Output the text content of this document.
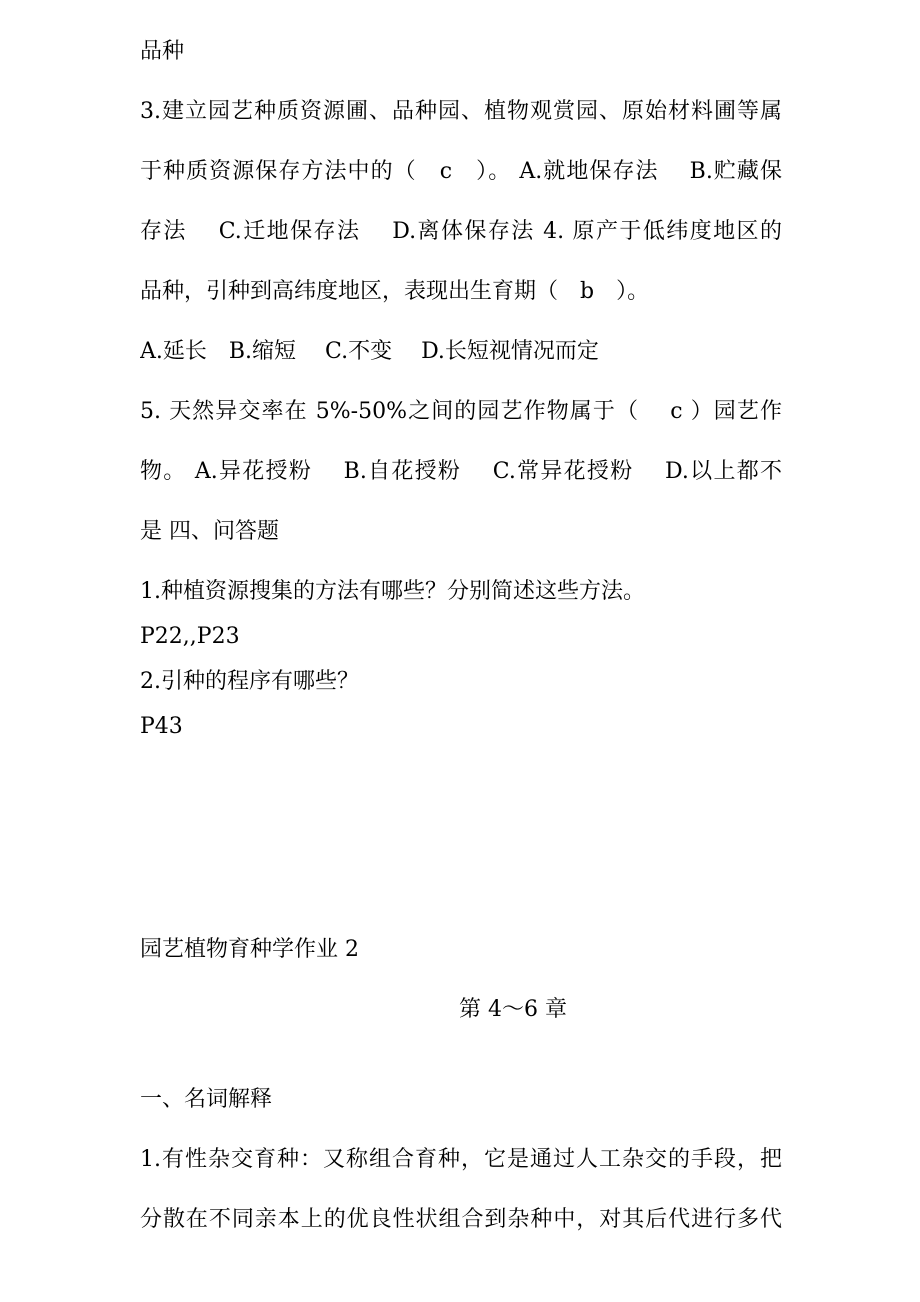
品种
3.建立园艺种质资源圃、品种园、植物观赏园、原始材料圃等属
于种质资源保存方法中的（　c　）。 A.就地保存法　 B.贮藏保
存法　 C.迁地保存法　 D.离体保存法 4. 原产于低纬度地区的
品种，引种到高纬度地区，表现出生育期（　b　）。
A.延长　B.缩短　 C.不变　 D.长短视情况而定
5. 天然异交率在 5%-50%之间的园艺作物属于（　 c ）园艺作
物。 A.异花授粉　 B.自花授粉　 C.常异花授粉　 D.以上都不
是 四、问答题
1.种植资源搜集的方法有哪些？分别简述这些方法。
P22,,P23
2.引种的程序有哪些？
P43
园艺植物育种学作业 2
第 4～6 章
一、名词解释
1.有性杂交育种：又称组合育种，它是通过人工杂交的手段，把
分散在不同亲本上的优良性状组合到杂种中，对其后代进行多代
